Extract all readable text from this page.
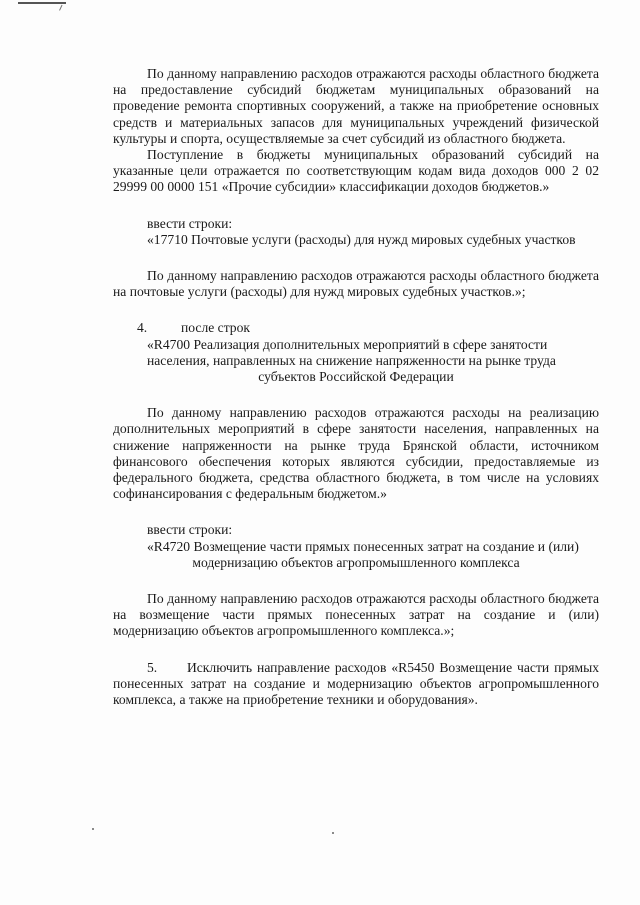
По данному направлению расходов отражаются расходы областного бюджета на предоставление субсидий бюджетам муниципальных образований на проведение ремонта спортивных сооружений, а также на приобретение основных средств и материальных запасов для муниципальных учреждений физической культуры и спорта, осуществляемые за счет субсидий из областного бюджета.

Поступление в бюджеты муниципальных образований субсидий на указанные цели отражается по соответствующим кодам вида доходов 000 2 02 29999 00 0000 151 «Прочие субсидии» классификации доходов бюджетов.»

ввести строки:

«17710 Почтовые услуги (расходы) для нужд мировых судебных участков

По данному направлению расходов отражаются расходы областного бюджета на почтовые услуги (расходы) для нужд мировых судебных участков.»;

4. после строк

«R4700 Реализация дополнительных мероприятий в сфере занятости

населения, направленных на снижение напряженности на рынке труда

субъектов Российской Федерации

По данному направлению расходов отражаются расходы на реализацию дополнительных мероприятий в сфере занятости населения, направленных на снижение напряженности на рынке труда Брянской области, источником финансового обеспечения которых являются субсидии, предоставляемые из федерального бюджета, средства областного бюджета, в том числе на условиях софинансирования с федеральным бюджетом.»

ввести строки:

«R4720 Возмещение части прямых понесенных затрат на создание и (или)

модернизацию объектов агропромышленного комплекса

По данному направлению расходов отражаются расходы областного бюджета на возмещение части прямых понесенных затрат на создание и (или) модернизацию объектов агропромышленного комплекса.»;

5. Исключить направление расходов «R5450 Возмещение части прямых понесенных затрат на создание и модернизацию объектов агропромышленного комплекса, а также на приобретение техники и оборудования».
